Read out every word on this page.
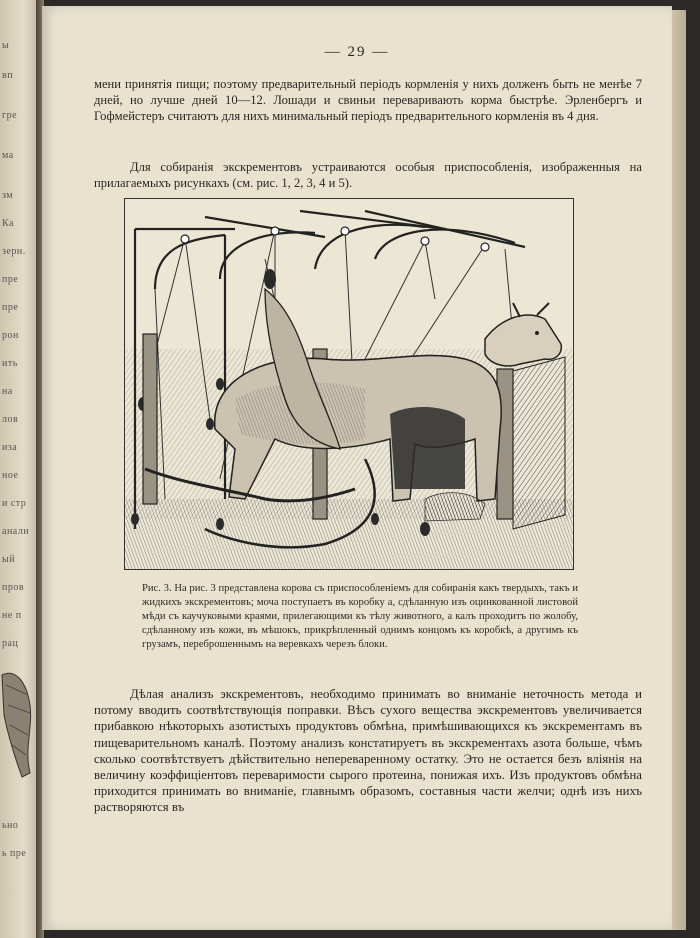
ы
вп
гре
ма
зм
Ка
зерн.
пре
пре
рон
ить
на
лов
иза
ное
и стр
анали
ый
пров
не п
рац
ьно
ь пре
— 29 —

мени принятія пищи; поэтому предварительный періодъ кормленія у нихъ долженъ быть не менѣе 7 дней, но лучше дней 10—12. Лошади и свиньи переваривають корма быстрѣе. Эрленбергъ и Гофмейстеръ считаютъ для нихъ минимальный періодъ предварительного кормленія въ 4 дня.

Для собиранія экскрементовъ устраиваются особыя приспособленія, изображенныя на прилагаемыхъ рисункахъ (см. рис. 1, 2, 3, 4 и 5).

Рис. 3. На рис. 3 представлена корова съ приспособленіемъ для собиранія какъ твердыхъ, такъ и жидкихъ экскрементовъ; моча поступаетъ въ коробку а, сдѣланную изъ оцинкованной листовой мѣди съ каучуковыми краями, прилегающими къ тѣлу животного, а калъ проходитъ по жолобу, сдѣланному изъ кожи, въ мѣшокъ, прикрѣпленный однимъ концомъ къ коробкѣ, а другимъ къ грузамъ, переброшеннымъ на веревкахъ черезъ блоки.

Дѣлая анализъ экскрементовъ, необходимо принимать во вниманіе неточность метода и потому вводить соотвѣтствующія поправки. Вѣсъ сухого вещества экскрементовъ увеличивается прибавкою нѣкоторыхъ азотистыхъ продуктовъ обмѣна, примѣшивающихся къ экскрементамъ въ пищеварительномъ каналѣ. Поэтому анализъ констатируетъ въ экскрементахъ азота больше, чѣмъ сколько соотвѣтствуетъ дѣйствительно непереваренному остатку. Это не остается безъ вліянія на величину коэффиціентовъ переваримости сырого протеина, понижая ихъ. Изъ продуктовъ обмѣна приходится принимать во вниманіе, главнымъ образомъ, составныя части желчи; однѣ изъ нихъ растворяются въ
